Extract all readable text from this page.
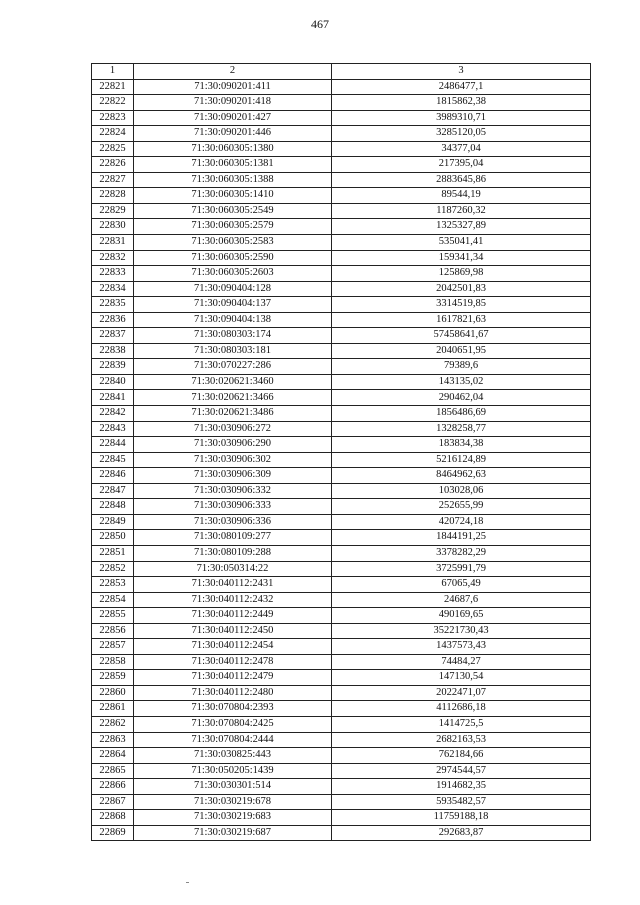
467
1	2	3
22821	71:30:090201:411	2486477,1
22822	71:30:090201:418	1815862,38
22823	71:30:090201:427	3989310,71
22824	71:30:090201:446	3285120,05
22825	71:30:060305:1380	34377,04
22826	71:30:060305:1381	217395,04
22827	71:30:060305:1388	2883645,86
22828	71:30:060305:1410	89544,19
22829	71:30:060305:2549	1187260,32
22830	71:30:060305:2579	1325327,89
22831	71:30:060305:2583	535041,41
22832	71:30:060305:2590	159341,34
22833	71:30:060305:2603	125869,98
22834	71:30:090404:128	2042501,83
22835	71:30:090404:137	3314519,85
22836	71:30:090404:138	1617821,63
22837	71:30:080303:174	57458641,67
22838	71:30:080303:181	2040651,95
22839	71:30:070227:286	79389,6
22840	71:30:020621:3460	143135,02
22841	71:30:020621:3466	290462,04
22842	71:30:020621:3486	1856486,69
22843	71:30:030906:272	1328258,77
22844	71:30:030906:290	183834,38
22845	71:30:030906:302	5216124,89
22846	71:30:030906:309	8464962,63
22847	71:30:030906:332	103028,06
22848	71:30:030906:333	252655,99
22849	71:30:030906:336	420724,18
22850	71:30:080109:277	1844191,25
22851	71:30:080109:288	3378282,29
22852	71:30:050314:22	3725991,79
22853	71:30:040112:2431	67065,49
22854	71:30:040112:2432	24687,6
22855	71:30:040112:2449	490169,65
22856	71:30:040112:2450	35221730,43
22857	71:30:040112:2454	1437573,43
22858	71:30:040112:2478	74484,27
22859	71:30:040112:2479	147130,54
22860	71:30:040112:2480	2022471,07
22861	71:30:070804:2393	4112686,18
22862	71:30:070804:2425	1414725,5
22863	71:30:070804:2444	2682163,53
22864	71:30:030825:443	762184,66
22865	71:30:050205:1439	2974544,57
22866	71:30:030301:514	1914682,35
22867	71:30:030219:678	5935482,57
22868	71:30:030219:683	11759188,18
22869	71:30:030219:687	292683,87
